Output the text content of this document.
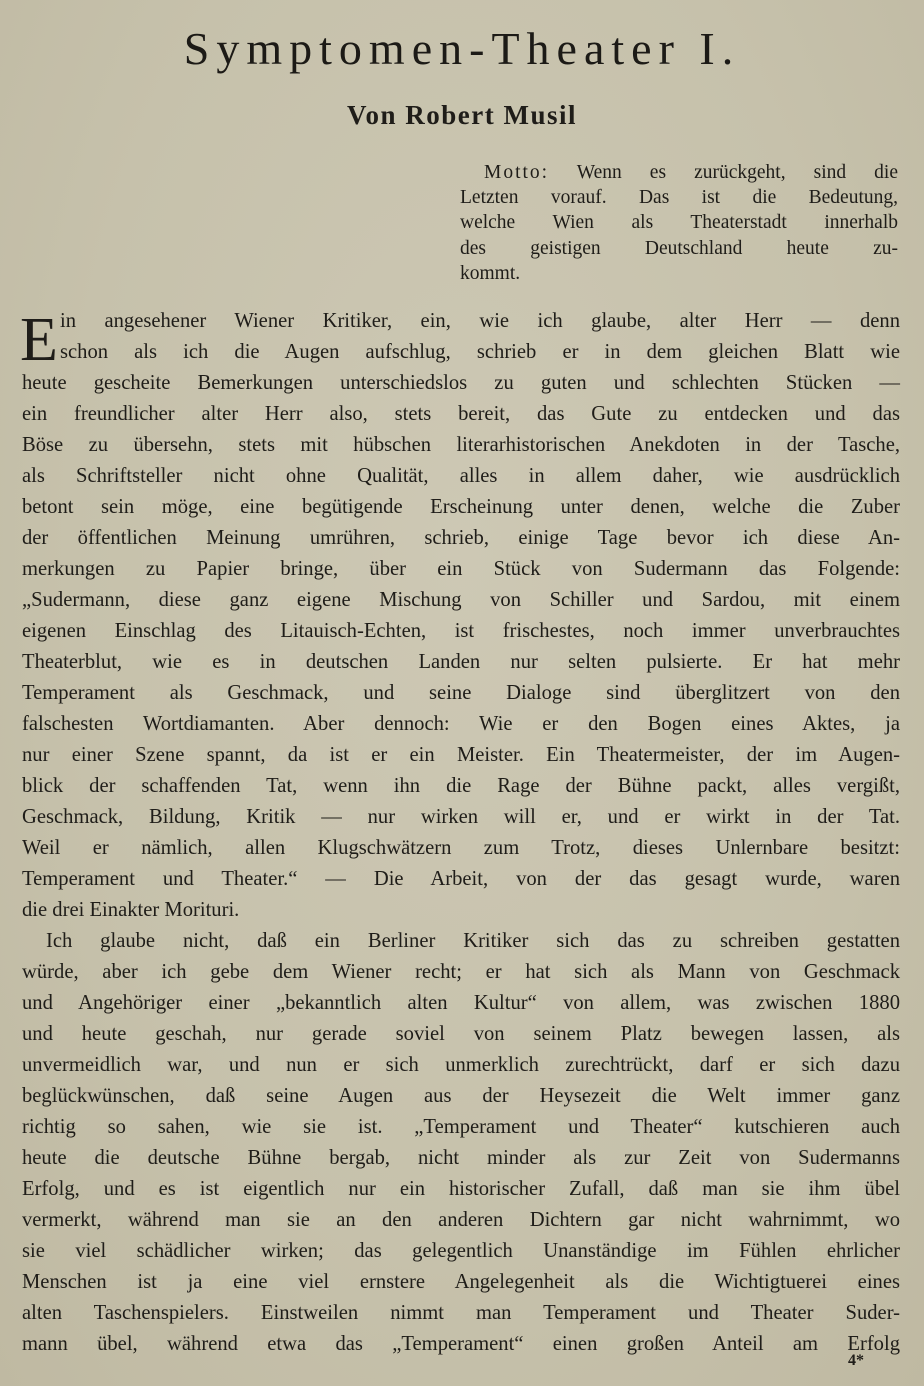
Symptomen-Theater I.
Von Robert Musil
Motto: Wenn es zurückgeht, sind die
Letzten vorauf. Das ist die Bedeutung,
welche Wien als Theaterstadt innerhalb
des geistigen Deutschland heute zu-
kommt.
E in angesehener Wiener Kritiker, ein, wie ich glaube, alter Herr — denn
schon als ich die Augen aufschlug, schrieb er in dem gleichen Blatt wie
heute gescheite Bemerkungen unterschiedslos zu guten und schlechten Stücken —
ein freundlicher alter Herr also, stets bereit, das Gute zu entdecken und das
Böse zu übersehn, stets mit hübschen literarhistorischen Anekdoten in der Tasche,
als Schriftsteller nicht ohne Qualität, alles in allem daher, wie ausdrücklich
betont sein möge, eine begütigende Erscheinung unter denen, welche die Zuber
der öffentlichen Meinung umrühren, schrieb, einige Tage bevor ich diese An-
merkungen zu Papier bringe, über ein Stück von Sudermann das Folgende:
„Sudermann, diese ganz eigene Mischung von Schiller und Sardou, mit einem
eigenen Einschlag des Litauisch-Echten, ist frischestes, noch immer unverbrauchtes
Theaterblut, wie es in deutschen Landen nur selten pulsierte. Er hat mehr
Temperament als Geschmack, und seine Dialoge sind überglitzert von den
falschesten Wortdiamanten. Aber dennoch: Wie er den Bogen eines Aktes, ja
nur einer Szene spannt, da ist er ein Meister. Ein Theatermeister, der im Augen-
blick der schaffenden Tat, wenn ihn die Rage der Bühne packt, alles vergißt,
Geschmack, Bildung, Kritik — nur wirken will er, und er wirkt in der Tat.
Weil er nämlich, allen Klugschwätzern zum Trotz, dieses Unlernbare besitzt:
Temperament und Theater.“ — Die Arbeit, von der das gesagt wurde, waren
die drei Einakter Morituri.
Ich glaube nicht, daß ein Berliner Kritiker sich das zu schreiben gestatten
würde, aber ich gebe dem Wiener recht; er hat sich als Mann von Geschmack
und Angehöriger einer „bekanntlich alten Kultur“ von allem, was zwischen 1880
und heute geschah, nur gerade soviel von seinem Platz bewegen lassen, als
unvermeidlich war, und nun er sich unmerklich zurechtrückt, darf er sich dazu
beglückwünschen, daß seine Augen aus der Heysezeit die Welt immer ganz
richtig so sahen, wie sie ist. „Temperament und Theater“ kutschieren auch
heute die deutsche Bühne bergab, nicht minder als zur Zeit von Sudermanns
Erfolg, und es ist eigentlich nur ein historischer Zufall, daß man sie ihm übel
vermerkt, während man sie an den anderen Dichtern gar nicht wahrnimmt, wo
sie viel schädlicher wirken; das gelegentlich Unanständige im Fühlen ehrlicher
Menschen ist ja eine viel ernstere Angelegenheit als die Wichtigtuerei eines
alten Taschenspielers. Einstweilen nimmt man Temperament und Theater Suder-
mann übel, während etwa das „Temperament“ einen großen Anteil am Erfolg
4*
